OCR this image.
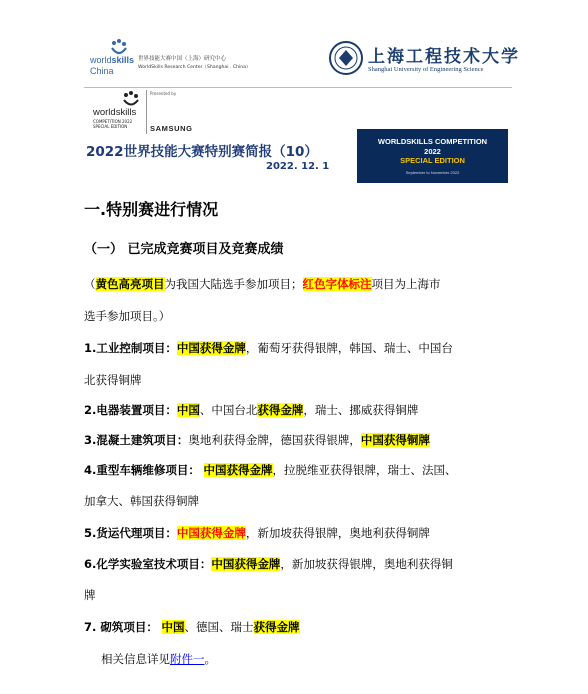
worldskills
China
世界技能大赛中国（上海）研究中心
WorldSkills Research Center（Shanghai . China）
上海工程技术大学
Shanghai University of Engineering Science
worldskills
COMPETITION 2022 SPECIAL EDITION
Presented by
SAMSUNG
2022世界技能大赛特别赛简报（10）
2022. 12. 1
WORLDSKILLS COMPETITION
2022
SPECIAL EDITION
September to November 2022
一.特别赛进行情况
（一） 已完成竞赛项目及竞赛成绩
（黄色高亮项目为我国大陆选手参加项目；红色字体标注项目为上海市
选手参加项目。）
1.工业控制项目：中国获得金牌，葡萄牙获得银牌，韩国、瑞士、中国台
北获得铜牌
2.电器装置项目：中国、中国台北获得金牌，瑞士、挪威获得铜牌
3.混凝土建筑项目：奥地利获得金牌，德国获得银牌，中国获得铜牌
4.重型车辆维修项目： 中国获得金牌，拉脱维亚获得银牌，瑞士、法国、
加拿大、韩国获得铜牌
5.货运代理项目：中国获得金牌，新加坡获得银牌，奥地利获得铜牌
6.化学实验室技术项目：中国获得金牌，新加坡获得银牌，奥地利获得铜
牌
7. 砌筑项目： 中国、德国、瑞士获得金牌
相关信息详见附件一。
